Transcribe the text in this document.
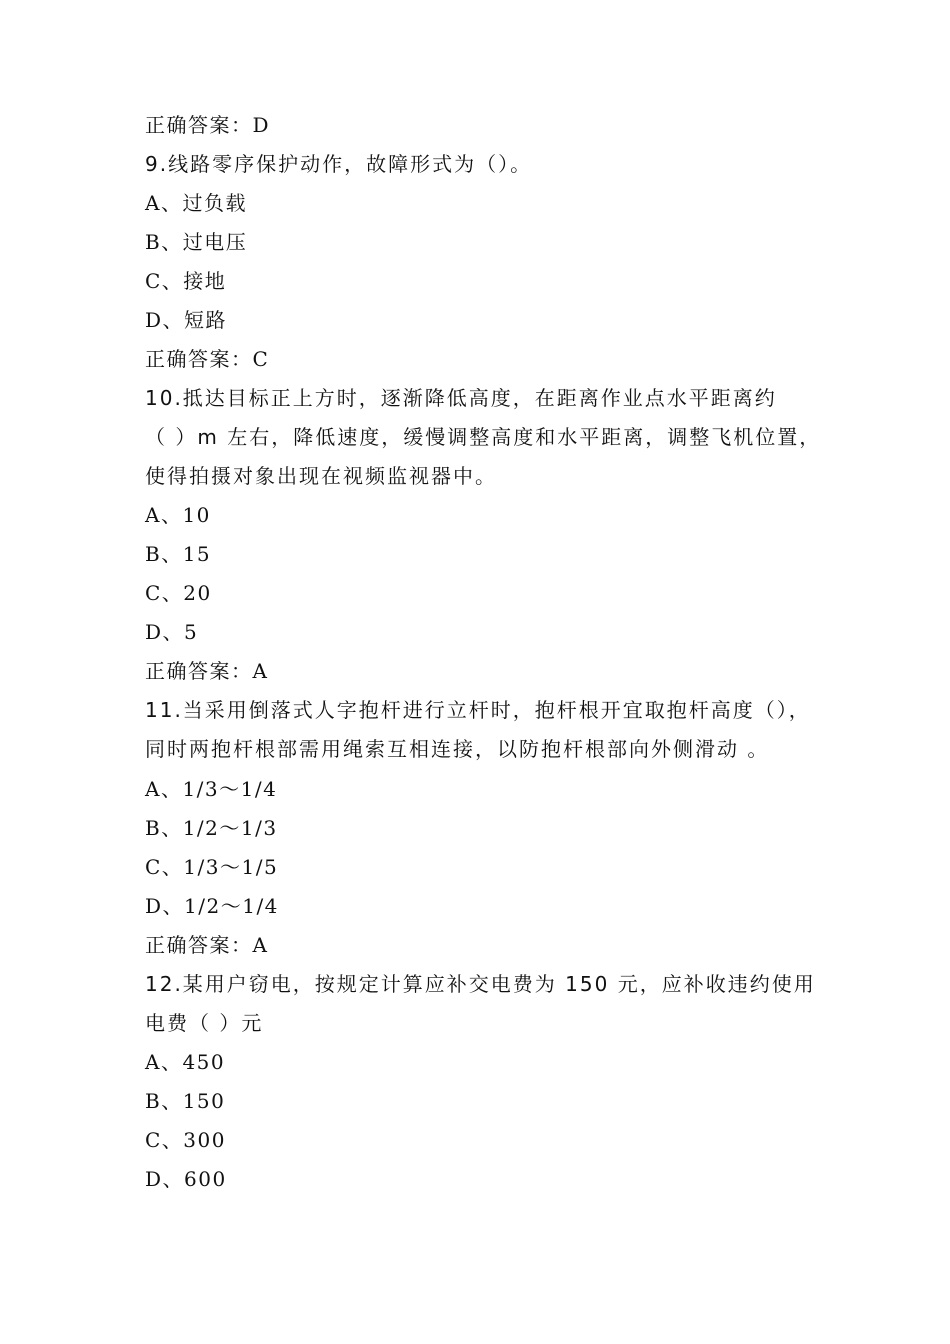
正确答案：D
9.线路零序保护动作，故障形式为（）。
A、过负载
B、过电压
C、接地
D、短路
正确答案：C
10.抵达目标正上方时，逐渐降低高度，在距离作业点水平距离约
（ ）m 左右，降低速度，缓慢调整高度和水平距离，调整飞机位置，
使得拍摄对象出现在视频监视器中。
A、10
B、15
C、20
D、5
正确答案：A
11.当采用倒落式人字抱杆进行立杆时，抱杆根开宜取抱杆高度（），
同时两抱杆根部需用绳索互相连接，以防抱杆根部向外侧滑动 。
A、1/3～1/4
B、1/2～1/3
C、1/3～1/5
D、1/2～1/4
正确答案：A
12.某用户窃电，按规定计算应补交电费为 150 元，应补收违约使用
电费（ ）元
A、450
B、150
C、300
D、600
